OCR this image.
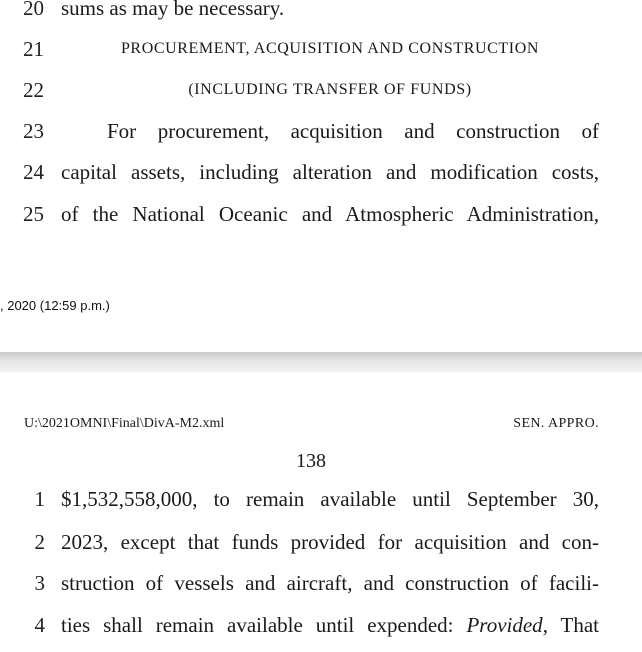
20 sums as may be necessary.
21	PROCUREMENT, ACQUISITION AND CONSTRUCTION
22	(INCLUDING TRANSFER OF FUNDS)
23	For procurement, acquisition and construction of
24 capital assets, including alteration and modification costs,
25 of the National Oceanic and Atmospheric Administration,
, 2020 (12:59 p.m.)
U:\2021OMNI\Final\DivA-M2.xml	SEN. APPRO.
138
1 $1,532,558,000, to remain available until September 30,
2 2023, except that funds provided for acquisition and con-
3 struction of vessels and aircraft, and construction of facili-
4 ties shall remain available until expended: Provided, That
